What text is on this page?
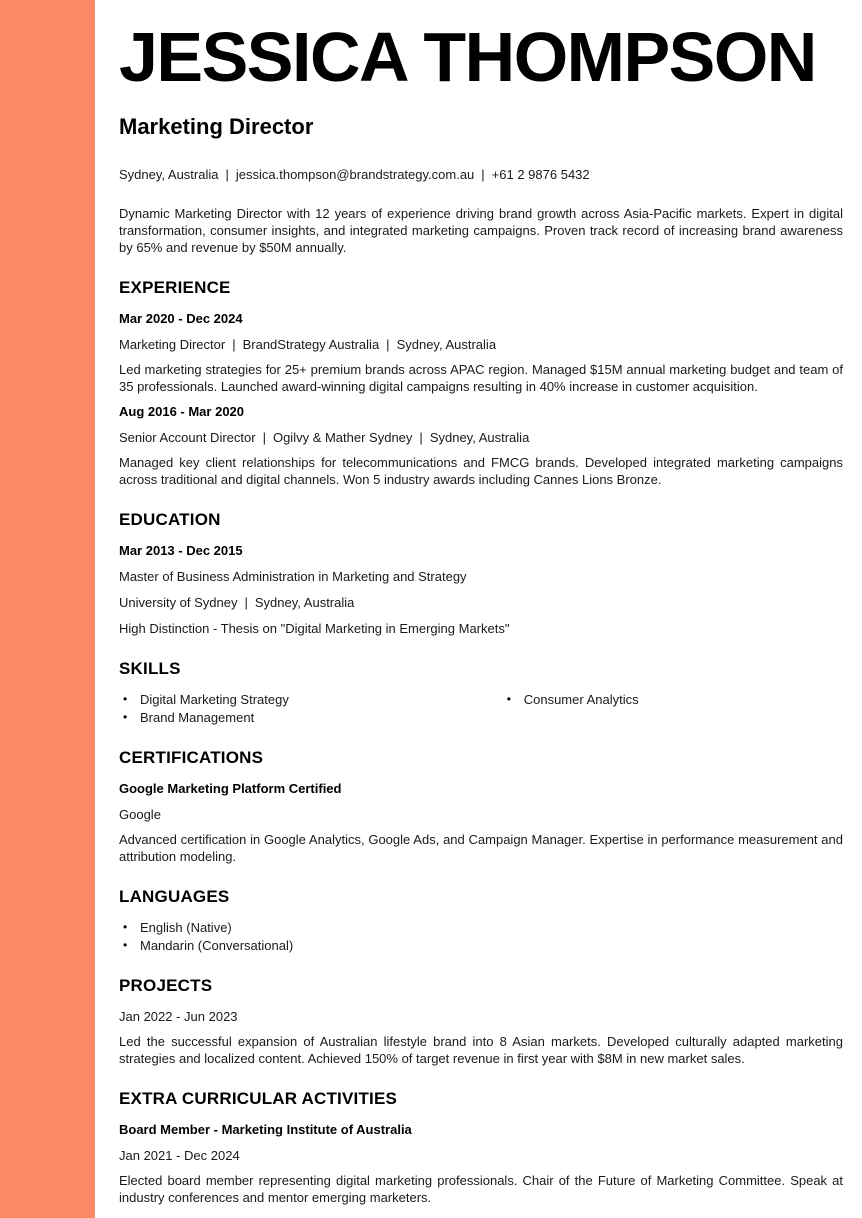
JESSICA THOMPSON
Marketing Director
Sydney, Australia | jessica.thompson@brandstrategy.com.au | +61 2 9876 5432

Dynamic Marketing Director with 12 years of experience driving brand growth across Asia-Pacific markets. Expert in digital transformation, consumer insights, and integrated marketing campaigns. Proven track record of increasing brand awareness by 65% and revenue by $50M annually.

EXPERIENCE
Mar 2020 - Dec 2024
Marketing Director | BrandStrategy Australia | Sydney, Australia

Led marketing strategies for 25+ premium brands across APAC region. Managed $15M annual marketing budget and team of 35 professionals. Launched award-winning digital campaigns resulting in 40% increase in customer acquisition.

Aug 2016 - Mar 2020
Senior Account Director | Ogilvy & Mather Sydney | Sydney, Australia

Managed key client relationships for telecommunications and FMCG brands. Developed integrated marketing campaigns across traditional and digital channels. Won 5 industry awards including Cannes Lions Bronze.

EDUCATION
Mar 2013 - Dec 2015
Master of Business Administration in Marketing and Strategy
University of Sydney | Sydney, Australia
High Distinction - Thesis on "Digital Marketing in Emerging Markets"
SKILLS
• Digital Marketing Strategy
• Brand Management
• Consumer Analytics
CERTIFICATIONS
Google Marketing Platform Certified
Google

Advanced certification in Google Analytics, Google Ads, and Campaign Manager. Expertise in performance measurement and attribution modeling.

LANGUAGES
• English (Native)
• Mandarin (Conversational)
PROJECTS
Jan 2022 - Jun 2023

Led the successful expansion of Australian lifestyle brand into 8 Asian markets. Developed culturally adapted marketing strategies and localized content. Achieved 150% of target revenue in first year with $8M in new market sales.

EXTRA CURRICULAR ACTIVITIES
Board Member - Marketing Institute of Australia
Jan 2021 - Dec 2024

Elected board member representing digital marketing professionals. Chair of the Future of Marketing Committee. Speak at industry conferences and mentor emerging marketers.
